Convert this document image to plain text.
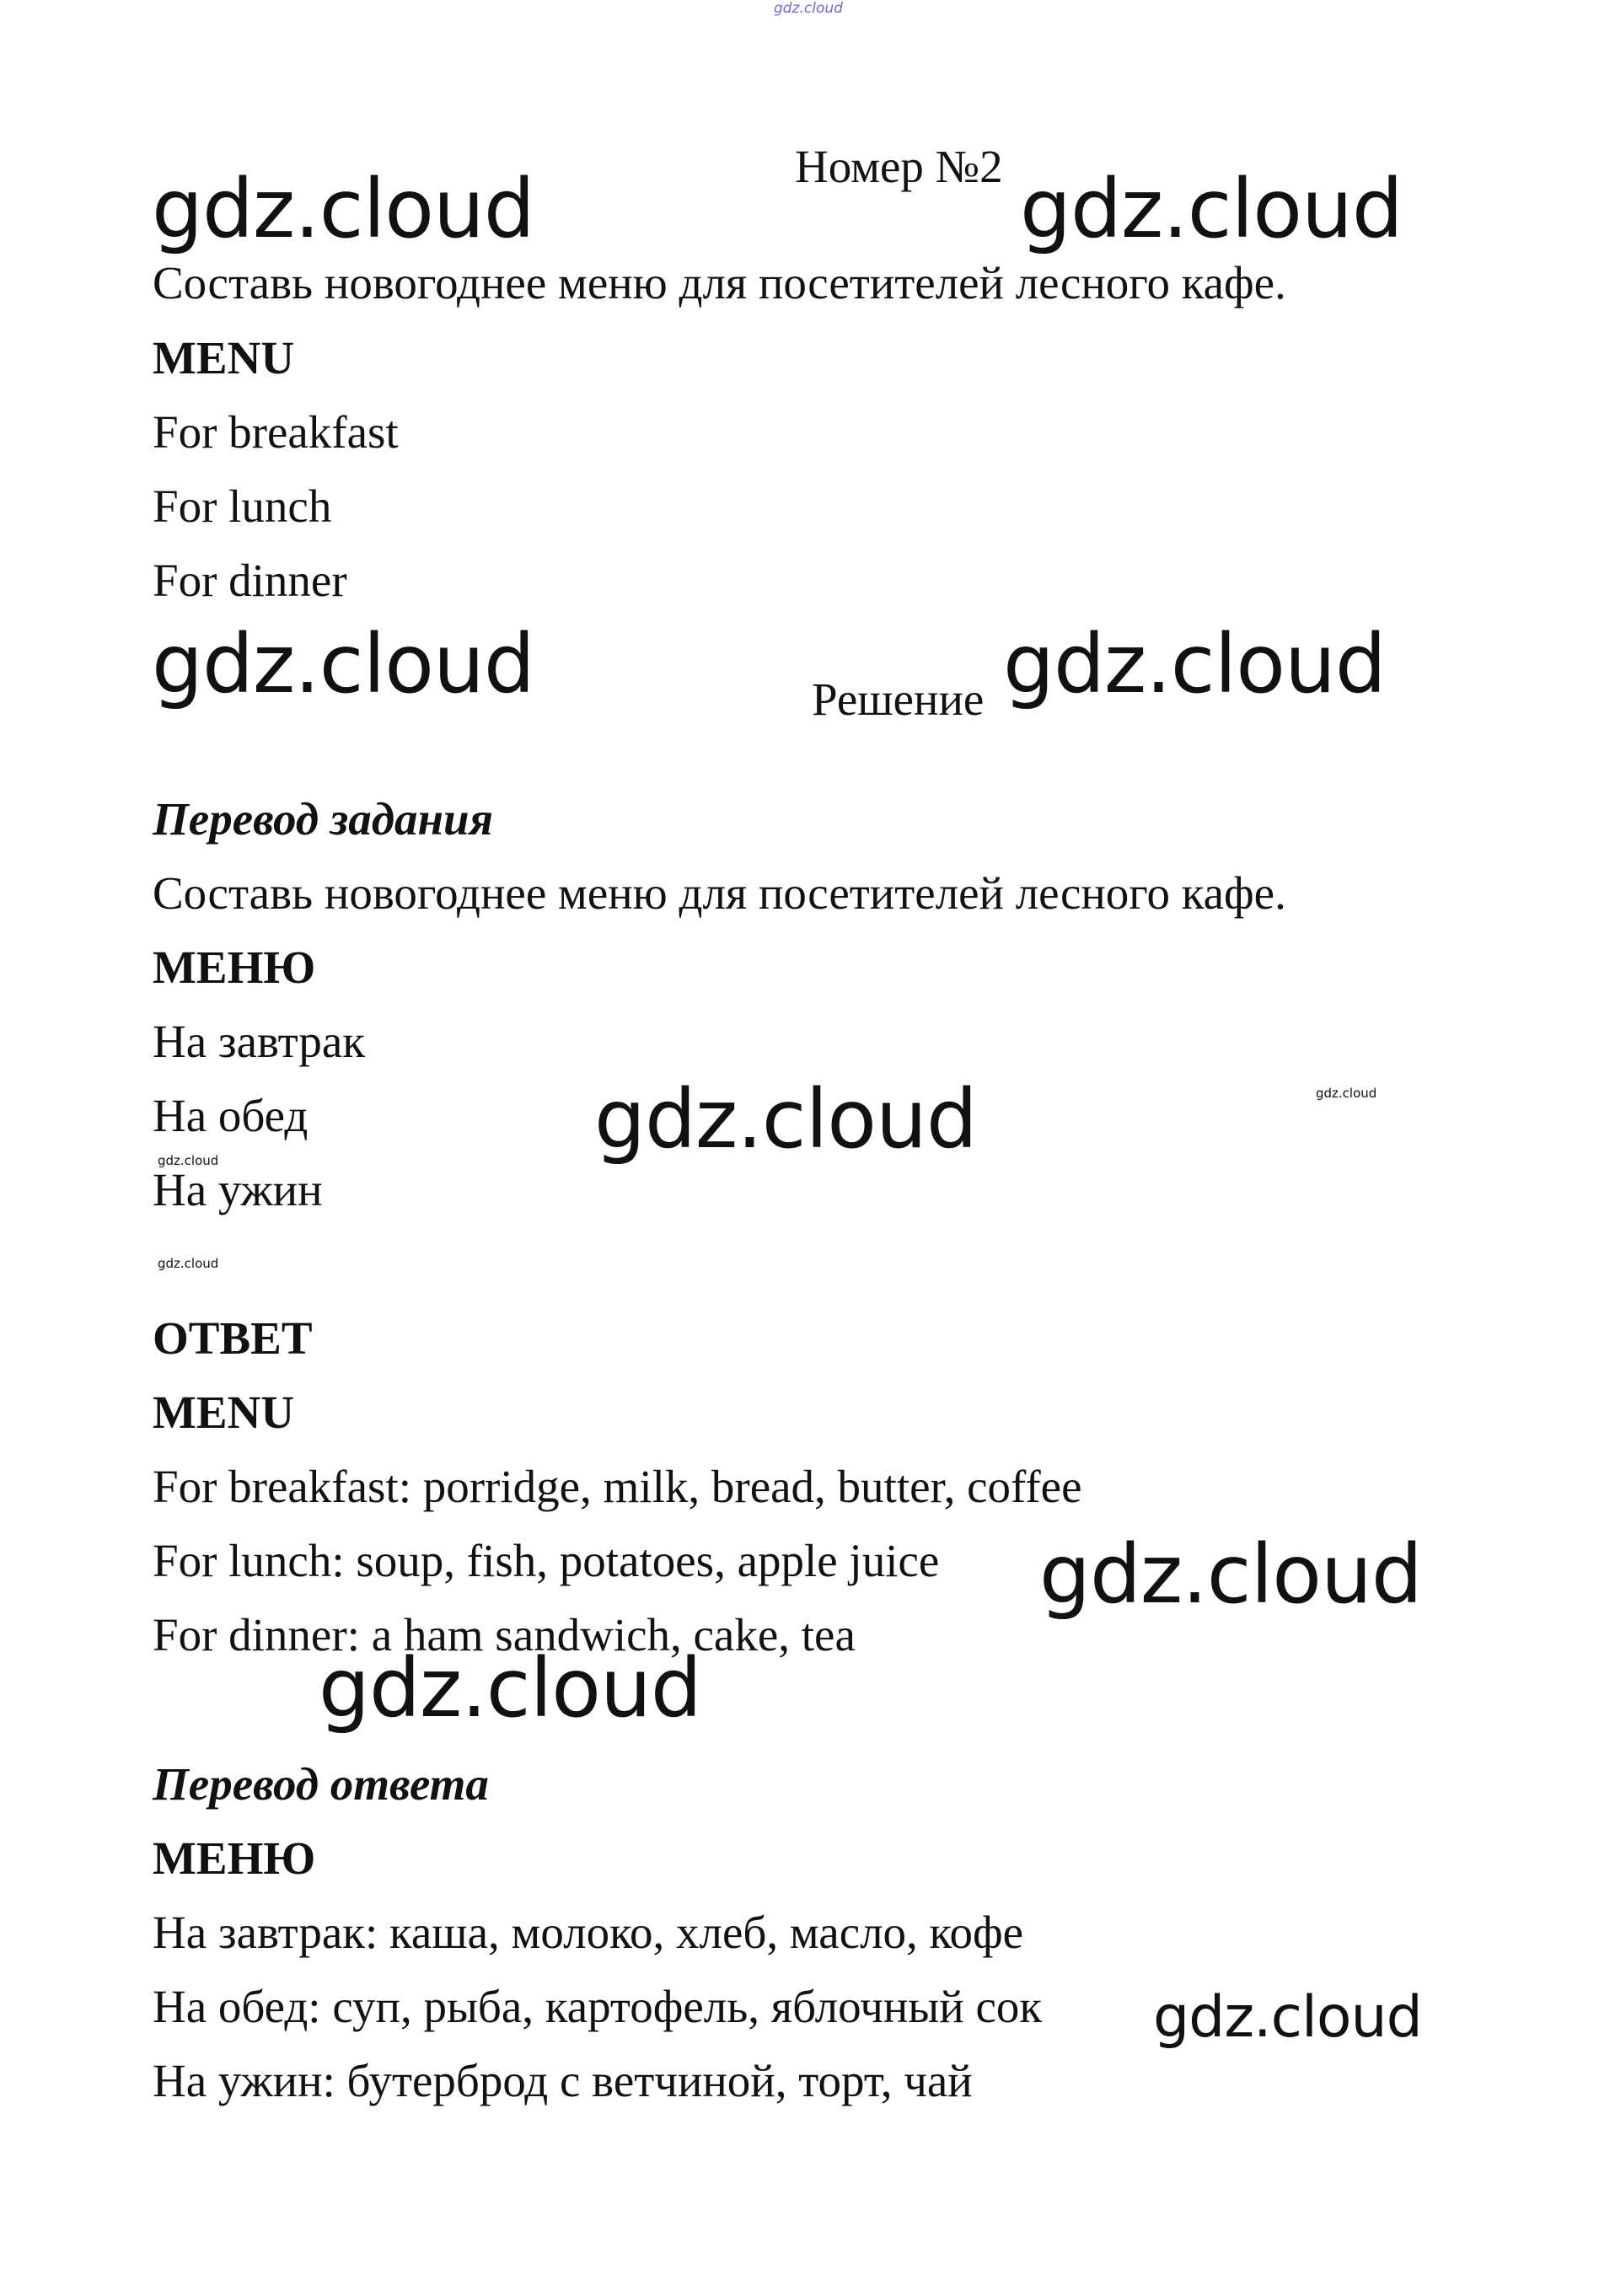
gdz.cloud
gdz.cloud	gdz.cloud
gdz.cloud	gdz.cloud
gdz.cloud
gdz.cloud
gdz.cloud
gdz.cloud
gdz.cloud
gdz.cloud
gdz.cloud
Номер №2
Составь новогоднее меню для посетителей лесного кафе.
MENU
For breakfast
For lunch
For dinner
Решение
Перевод задания
Составь новогоднее меню для посетителей лесного кафе.
МЕНЮ
На завтрак
На обед
На ужин
ОТВЕТ
MENU
For breakfast: porridge, milk, bread, butter, coffee
For lunch: soup, fish, potatoes, apple juice
For dinner: a ham sandwich, cake, tea
Перевод ответа
МЕНЮ
На завтрак: каша, молоко, хлеб, масло, кофе
На обед: суп, рыба, картофель, яблочный сок
На ужин: бутерброд с ветчиной, торт, чай
